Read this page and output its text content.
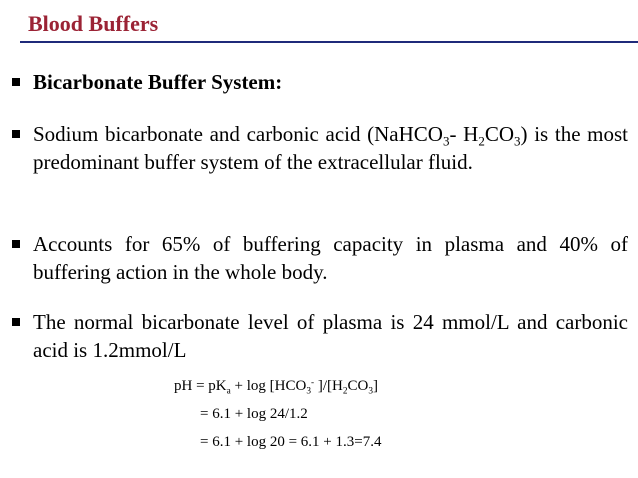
Blood Buffers
Bicarbonate Buffer System:
Sodium bicarbonate and carbonic acid (NaHCO$_3$- $H_2CO_3$) is the most predominant buffer system of the extracellular fluid.
Accounts for 65% of buffering capacity in plasma and 40% of buffering action in the whole body.
The normal bicarbonate level of plasma is 24 mmol/L and carbonic acid is 1.2mmol/L
pH = $pK_a + \log [HCO_3^-$ ]$/[H_2CO_3]$
= 6.1 + log 24/1.2
= 6.1 + log 20 = 6.1 + 1.3=7.4
